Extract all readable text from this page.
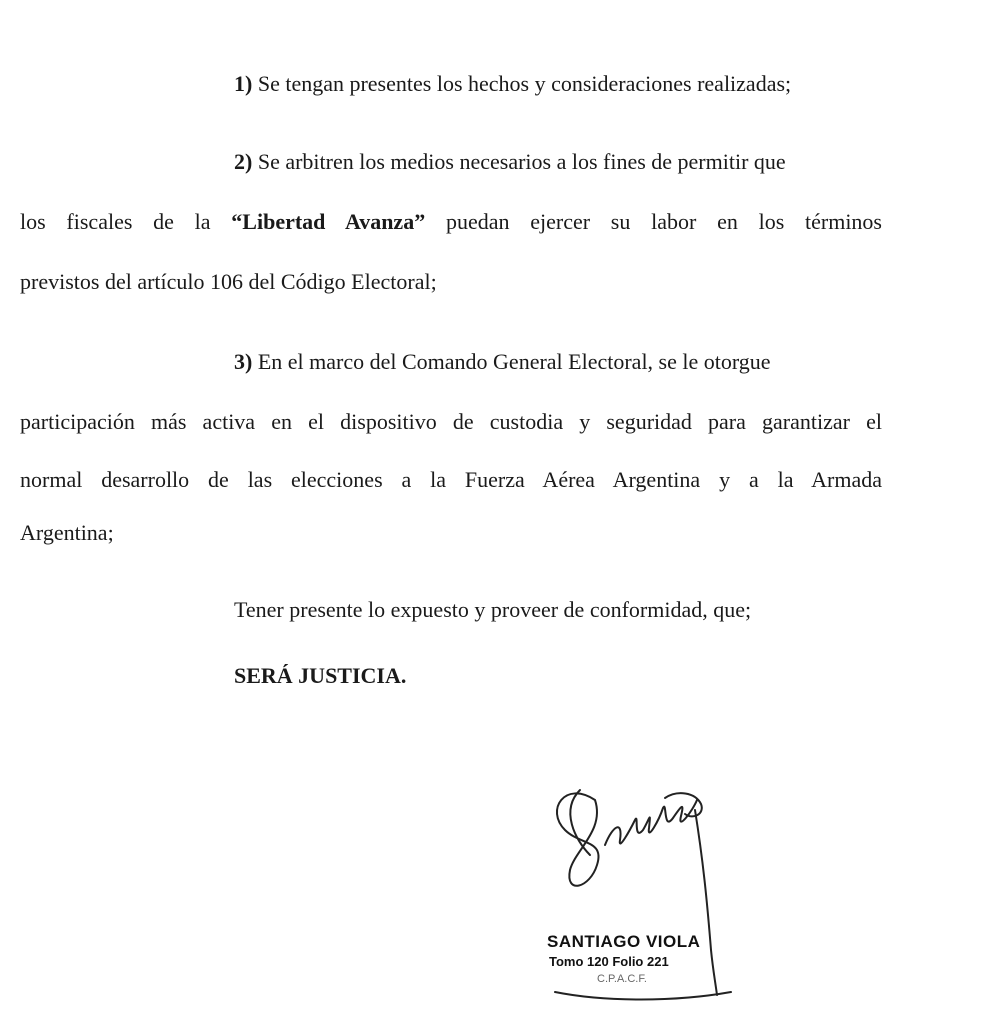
1) Se tengan presentes los hechos y consideraciones realizadas;
2) Se arbitren los medios necesarios a los fines de permitir que
los fiscales de la “Libertad Avanza” puedan ejercer su labor en los términos
previstos del artículo 106 del Código Electoral;
3) En el marco del Comando General Electoral, se le otorgue
participación más activa en el dispositivo de custodia y seguridad para garantizar el
normal desarrollo de las elecciones a la Fuerza Aérea Argentina y a la Armada
Argentina;
Tener presente lo expuesto y proveer de conformidad, que;
SERÁ JUSTICIA.
SANTIAGO VIOLA
Tomo 120 Folio 221
C.P.A.C.F.
